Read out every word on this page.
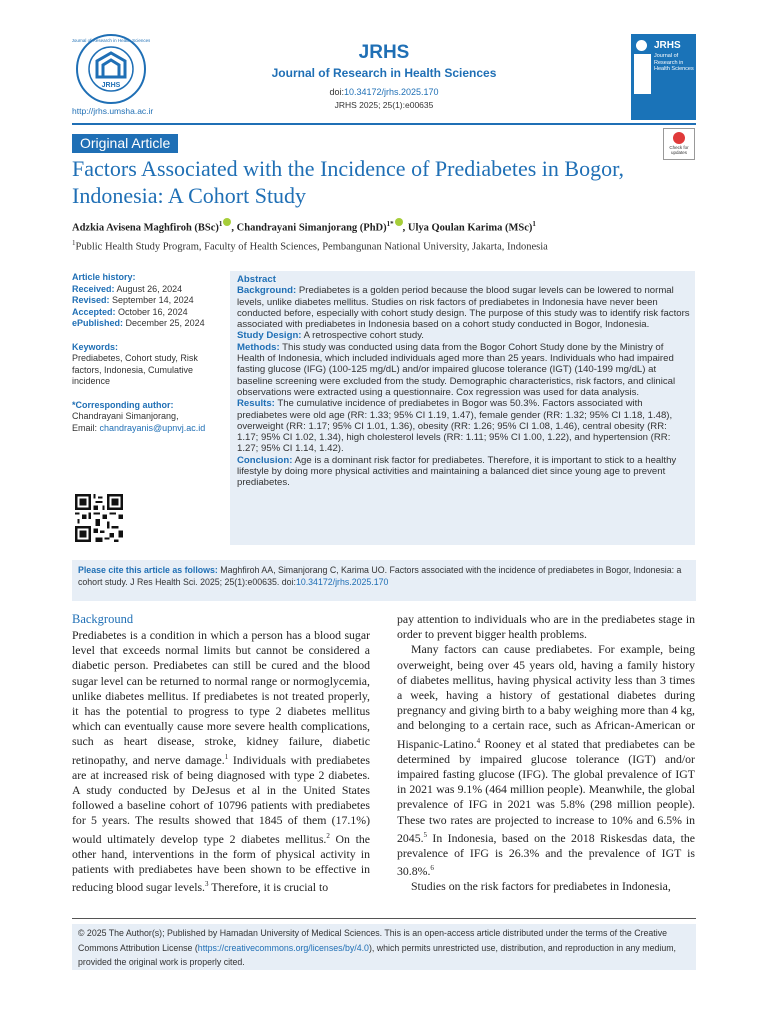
JRHS
Journal of Research in Health Sciences
http://jrhs.umsha.ac.ir
JRHS
Journal of Research in Health Sciences
doi:10.34172/jrhs.2025.170
JRHS 2025; 25(1):e00635
JRHS
Journal of Research in Health Sciences
Original Article	Check for updates
Factors Associated with the Incidence of Prediabetes in Bogor, Indonesia: A Cohort Study
Adzkia Avisena Maghfiroh (BSc)$^1$ , Chandrayani Simanjorang (PhD)$^{1*}$ , Ulya Qoulan Karima (MSc)$^1$
$^1$Public Health Study Program, Faculty of Health Sciences, Pembangunan National University, Jakarta, Indonesia
Article history:
Received: August 26, 2024
Revised: September 14, 2024
Accepted: October 16, 2024
ePublished: December 25, 2024
Keywords:
Prediabetes, Cohort study, Risk factors, Indonesia, Cumulative incidence
*Corresponding author:
Chandrayani Simanjorang,
Email: chandrayanis@upnvj.ac.id

Abstract

Background: Prediabetes is a golden period because the blood sugar levels can be lowered to normal levels, unlike diabetes mellitus. Studies on risk factors of prediabetes in Indonesia have never been conducted before, especially with cohort study design. The purpose of this study was to identify risk factors associated with prediabetes in Indonesia based on a cohort study conducted in Bogor, Indonesia.

Study Design: A retrospective cohort study.

Methods: This study was conducted using data from the Bogor Cohort Study done by the Ministry of Health of Indonesia, which included individuals aged more than 25 years. Individuals who had impaired fasting glucose (IFG) (100-125 mg/dL) and/or impaired glucose tolerance (IGT) (140-199 mg/dL) at baseline screening were excluded from the study. Demographic characteristics, risk factors, and clinical observations were extracted using a questionnaire. Cox regression was used for data analysis.

Results: The cumulative incidence of prediabetes in Bogor was 50.3%. Factors associated with prediabetes were old age (RR: 1.33; 95% CI 1.19, 1.47), female gender (RR: 1.32; 95% CI 1.18, 1.48), overweight (RR: 1.17; 95% CI 1.01, 1.36), obesity (RR: 1.26; 95% CI 1.08, 1.46), central obesity (RR: 1.17; 95% CI 1.02, 1.34), high cholesterol levels (RR: 1.11; 95% CI 1.00, 1.22), and hypertension (RR: 1.27; 95% CI 1.14, 1.42).

Conclusion: Age is a dominant risk factor for prediabetes. Therefore, it is important to stick to a healthy lifestyle by doing more physical activities and maintaining a balanced diet since young age to prevent prediabetes.

Please cite this article as follows: Maghfiroh AA, Simanjorang C, Karima UO. Factors associated with the incidence of prediabetes in Bogor, Indonesia: a cohort study. J Res Health Sci. 2025; 25(1):e00635. doi:10.34172/jrhs.2025.170
Background

Prediabetes is a condition in which a person has a blood sugar level that exceeds normal limits but cannot be considered a diabetic person. Prediabetes can still be cured and the blood sugar level can be returned to normal range or normoglycemia, unlike diabetes mellitus. If prediabetes is not treated properly, it has the potential to progress to type 2 diabetes mellitus which can eventually cause more severe health complications, such as heart disease, stroke, kidney failure, diabetic retinopathy, and nerve damage.$^1$ Individuals with prediabetes are at increased risk of being diagnosed with type 2 diabetes. A study conducted by DeJesus et al in the United States followed a baseline cohort of 10796 patients with prediabetes for 5 years. The results showed that 1845 of them (17.1%) would ultimately develop type 2 diabetes mellitus.$^2$ On the other hand, interventions in the form of physical activity in patients with prediabetes have been shown to be effective in reducing blood sugar levels.$^3$ Therefore, it is crucial to

pay attention to individuals who are in the prediabetes stage in order to prevent bigger health problems.

Many factors can cause prediabetes. For example, being overweight, being over 45 years old, having a family history of diabetes mellitus, having physical activity less than 3 times a week, having a history of gestational diabetes during pregnancy and giving birth to a baby weighing more than 4 kg, and belonging to a certain race, such as African-American or Hispanic-Latino.$^4$ Rooney et al stated that prediabetes can be determined by impaired glucose tolerance (IGT) and/or impaired fasting glucose (IFG). The global prevalence of IGT in 2021 was 9.1% (464 million people). Meanwhile, the global prevalence of IFG in 2021 was 5.8% (298 million people). These two rates are projected to increase to 10% and 6.5% in 2045.$^5$ In Indonesia, based on the 2018 Riskesdas data, the prevalence of IFG is 26.3% and the prevalence of IGT is 30.8%.$^6$

Studies on the risk factors for prediabetes in Indonesia,

© 2025 The Author(s); Published by Hamadan University of Medical Sciences. This is an open-access article distributed under the terms of the Creative Commons Attribution License (https://creativecommons.org/licenses/by/4.0), which permits unrestricted use, distribution, and reproduction in any medium, provided the original work is properly cited.
